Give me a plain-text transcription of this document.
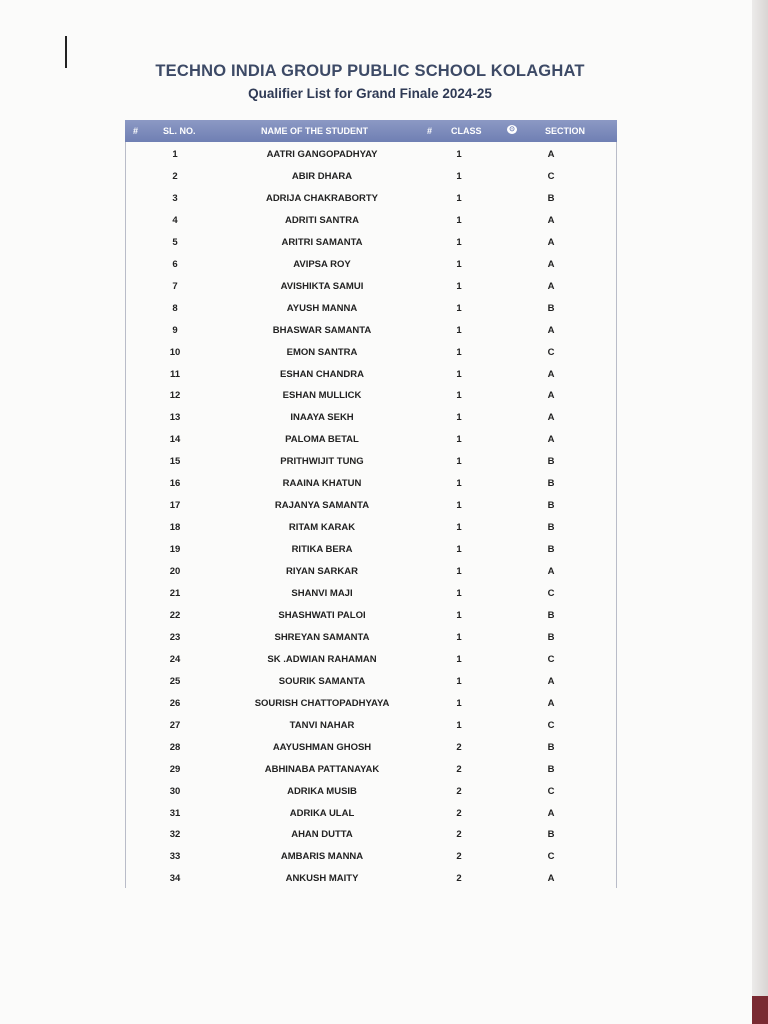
TECHNO INDIA GROUP PUBLIC SCHOOL KOLAGHAT
Qualifier List for Grand Finale 2024-25
#	SL. NO.	NAME OF THE STUDENT	# CLASS	⊙	SECTION
1	AATRI GANGOPADHYAY	1	A
2	ABIR DHARA	1	C
3	ADRIJA CHAKRABORTY	1	B
4	ADRITI SANTRA	1	A
5	ARITRI SAMANTA	1	A
6	AVIPSA ROY	1	A
7	AVISHIKTA SAMUI	1	A
8	AYUSH MANNA	1	B
9	BHASWAR SAMANTA	1	A
10	EMON SANTRA	1	C
11	ESHAN CHANDRA	1	A
12	ESHAN MULLICK	1	A
13	INAAYA SEKH	1	A
14	PALOMA BETAL	1	A
15	PRITHWIJIT TUNG	1	B
16	RAAINA KHATUN	1	B
17	RAJANYA SAMANTA	1	B
18	RITAM KARAK	1	B
19	RITIKA BERA	1	B
20	RIYAN SARKAR	1	A
21	SHANVI MAJI	1	C
22	SHASHWATI PALOI	1	B
23	SHREYAN SAMANTA	1	B
24	SK .ADWIAN RAHAMAN	1	C
25	SOURIK SAMANTA	1	A
26	SOURISH CHATTOPADHYAYA	1	A
27	TANVI NAHAR	1	C
28	AAYUSHMAN GHOSH	2	B
29	ABHINABA PATTANAYAK	2	B
30	ADRIKA MUSIB	2	C
31	ADRIKA ULAL	2	A
32	AHAN DUTTA	2	B
33	AMBARIS MANNA	2	C
34	ANKUSH MAITY	2	A
